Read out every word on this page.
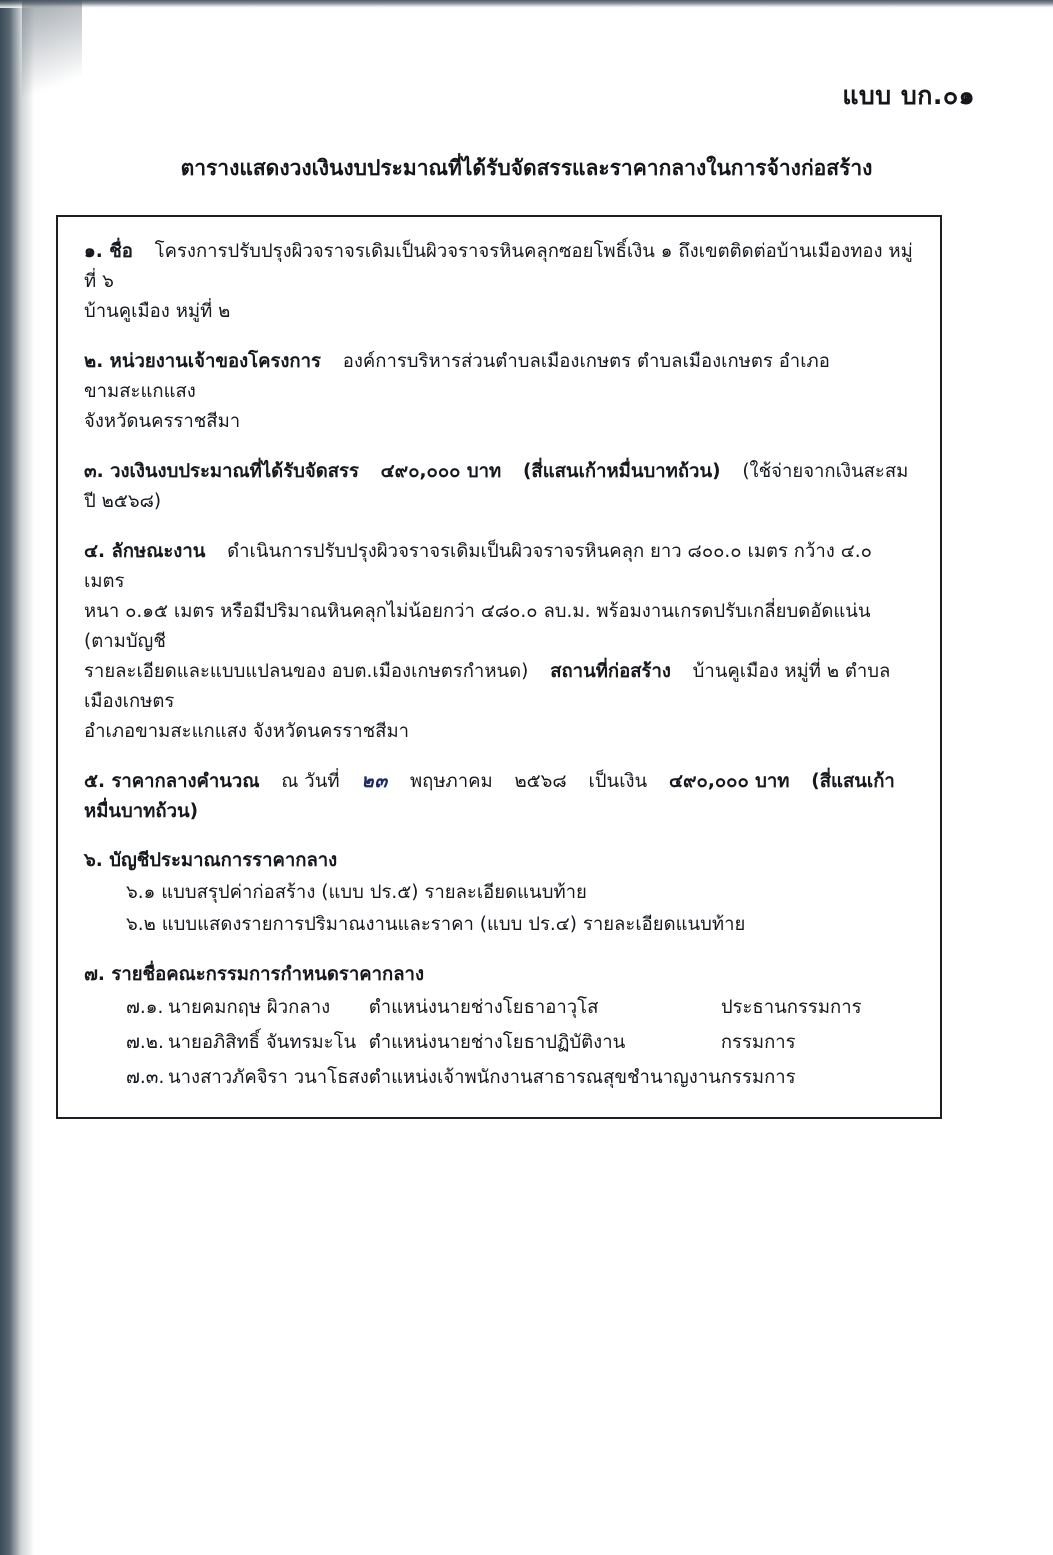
แบบ บก.๐๑
ตารางแสดงวงเงินงบประมาณที่ได้รับจัดสรรและราคากลางในการจ้างก่อสร้าง
๑. ชื่อ โครงการปรับปรุงผิวจราจรเดิมเป็นผิวจราจรหินคลุกซอยโพธิ์เงิน ๑ ถึงเขตติดต่อบ้านเมืองทอง หมู่ที่ ๖
บ้านคูเมือง หมู่ที่ ๒
๒. หน่วยงานเจ้าของโครงการ องค์การบริหารส่วนตำบลเมืองเกษตร ตำบลเมืองเกษตร อำเภอขามสะแกแสง
จังหวัดนครราชสีมา
๓. วงเงินงบประมาณที่ได้รับจัดสรร ๔๙๐,๐๐๐ บาท (สี่แสนเก้าหมื่นบาทถ้วน) (ใช้จ่ายจากเงินสะสม ปี ๒๕๖๘)
๔. ลักษณะงาน ดำเนินการปรับปรุงผิวจราจรเดิมเป็นผิวจราจรหินคลุก ยาว ๘๐๐.๐ เมตร กว้าง ๔.๐ เมตร
หนา ๐.๑๕ เมตร หรือมีปริมาณหินคลุกไม่น้อยกว่า ๔๘๐.๐ ลบ.ม. พร้อมงานเกรดปรับเกลี่ยบดอัดแน่น (ตามบัญชี
รายละเอียดและแบบแปลนของ อบต.เมืองเกษตรกำหนด) สถานที่ก่อสร้าง บ้านคูเมือง หมู่ที่ ๒ ตำบลเมืองเกษตร
อำเภอขามสะแกแสง จังหวัดนครราชสีมา
๕. ราคากลางคำนวณ ณ วันที่ ๒๓ พฤษภาคม ๒๕๖๘ เป็นเงิน ๔๙๐,๐๐๐ บาท (สี่แสนเก้าหมื่นบาทถ้วน)
๖. บัญชีประมาณการราคากลาง
๖.๑ แบบสรุปค่าก่อสร้าง (แบบ ปร.๕) รายละเอียดแนบท้าย
๖.๒ แบบแสดงรายการปริมาณงานและราคา (แบบ ปร.๔) รายละเอียดแนบท้าย
๗. รายชื่อคณะกรรมการกำหนดราคากลาง
๗.๑.	นายคมกฤษ ผิวกลาง	ตำแหน่ง	นายช่างโยธาอาวุโส	ประธานกรรมการ
๗.๒.	นายอภิสิทธิ์ จันทรมะโน	ตำแหน่ง	นายช่างโยธาปฏิบัติงาน	กรรมการ
๗.๓.	นางสาวภัคจิรา วนาโธสง	ตำแหน่ง	เจ้าพนักงานสาธารณสุขชำนาญงาน	กรรมการ
